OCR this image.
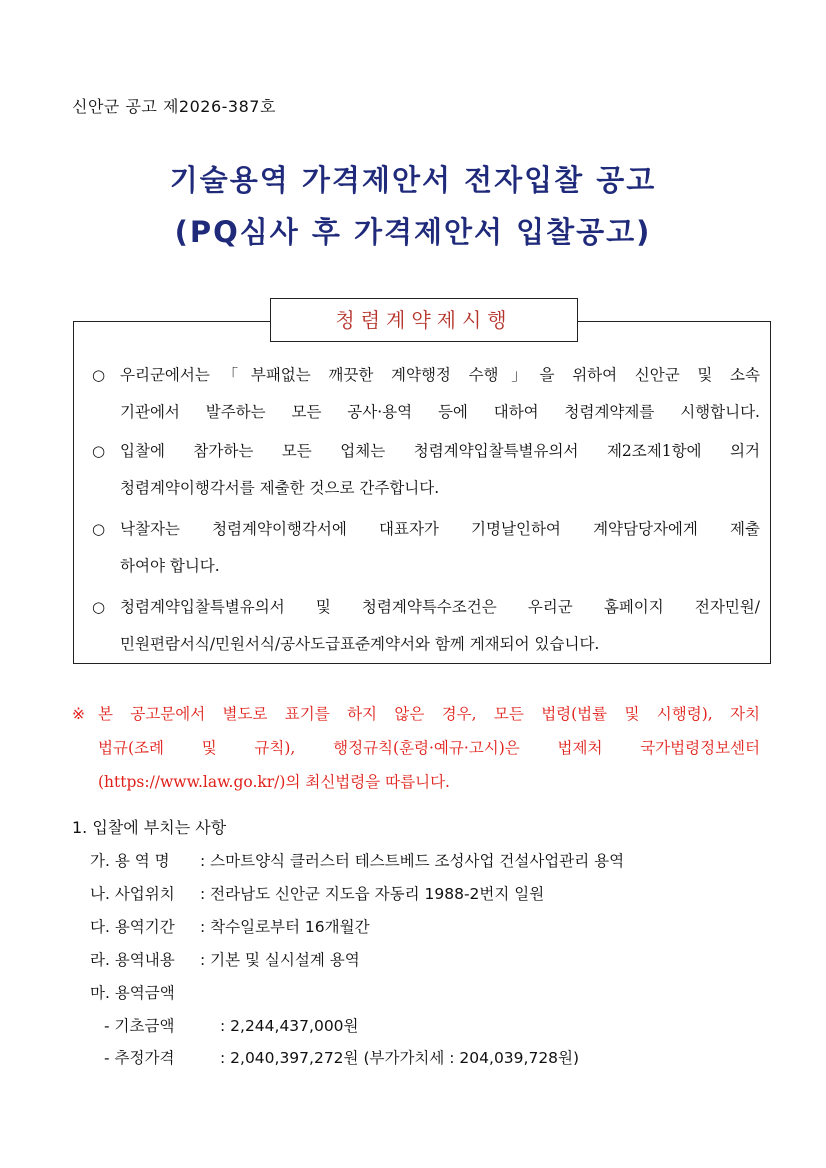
신안군 공고 제2026-387호
기술용역 가격제안서 전자입찰 공고
(PQ심사 후 가격제안서 입찰공고)
청렴계약제시행
○ 우리군에서는「부패없는 깨끗한 계약행정 수행」을 위하여 신안군 및 소속
기관에서 발주하는 모든 공사·용역 등에 대하여 청렴계약제를 시행합니다.
○ 입찰에 참가하는 모든 업체는 청렴계약입찰특별유의서 제2조제1항에 의거
청렴계약이행각서를 제출한 것으로 간주합니다.
○ 낙찰자는 청렴계약이행각서에 대표자가 기명날인하여 계약담당자에게 제출
하여야 합니다.
○ 청렴계약입찰특별유의서 및 청렴계약특수조건은 우리군 홈페이지 전자민원/
민원편람서식/민원서식/공사도급표준계약서와 함께 게재되어 있습니다.
※ 본 공고문에서 별도로 표기를 하지 않은 경우, 모든 법령(법률 및 시행령), 자치
법규(조례 및 규칙), 행정규칙(훈령·예규·고시)은 법제처 국가법령정보센터
(https://www.law.go.kr/)의 최신법령을 따릅니다.
1. 입찰에 부치는 사항
가. 용 역 명 : 스마트양식 클러스터 테스트베드 조성사업 건설사업관리 용역
나. 사업위치 : 전라남도 신안군 지도읍 자동리 1988-2번지 일원
다. 용역기간 : 착수일로부터 16개월간
라. 용역내용 : 기본 및 실시설계 용역
마. 용역금액
- 기초금액	: 2,244,437,000원
- 추정가격	: 2,040,397,272원 (부가가치세 : 204,039,728원)
